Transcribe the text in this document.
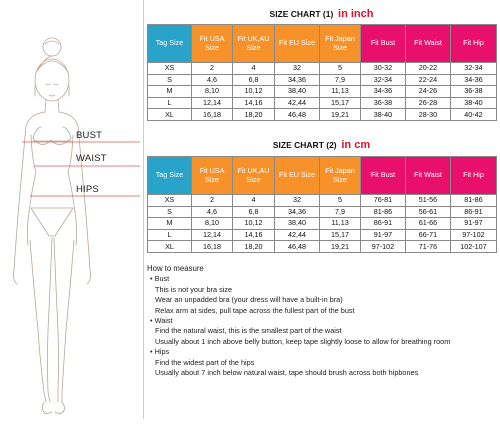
BUST
WAIST
HIPS
SIZE CHART (1) in inch
Tag Size	Fit USA Size	Fit UK,AU Size	Fit EU Size	Fit Japan Size	Fit Bust	Fit Waist	Fit Hip
XS	2	4	32	5	30-32	20-22	32-34
S	4,6	6,8	34,36	7,9	32-34	22-24	34-36
M	8,10	10,12	38,40	11,13	34-36	24-26	36-38
L	12,14	14,16	42,44	15,17	36-38	26-28	38-40
XL	16,18	18,20	46,48	19,21	38-40	28-30	40-42
SIZE CHART (2) in cm
Tag Size	Fit USA Size	Fit UK,AU Size	Fit EU Size	Fit Japan Size	Fit Bust	Fit Waist	Fit Hip
XS	2	4	32	5	76-81	51-56	81-86
S	4,6	6,8	34,36	7,9	81-86	56-61	86-91
M	8,10	10,12	38,40	11,13	86-91	61-66	91-97
L	12,14	14,16	42,44	15,17	91-97	66-71	97-102
XL	16,18	18,20	46,48	19,21	97-102	71-76	102-107
How to measure
• Bust
This is not your bra size
Wear an unpadded bra (your dress will have a built-in bra)
Relax arm at sides, pull tape across the fullest part of the bust
• Waist
Find the natural waist, this is the smallest part of the waist
Usually about 1 inch above belly button, keep tape slightly loose to allow for breathing room
• Hips
Find the widest part of the hips
Usually about 7 inch below natural waist, tape should brush across both hipbones
